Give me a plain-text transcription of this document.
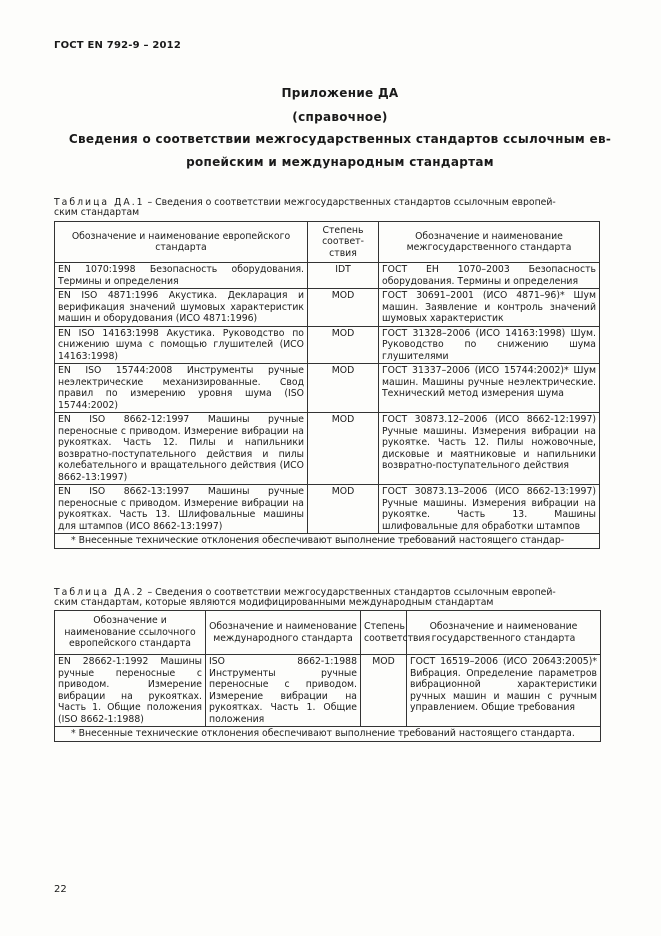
ГОСТ EN 792-9 – 2012
Приложение ДА
(справочное)
Сведения о соответствии межгосударственных стандартов ссылочным ев-
ропейским и международным стандартам
Таблица ДА.1 – Сведения о соответствии межгосударственных стандартов ссылочным европей-
ским стандартам
Обозначение и наименование европейского стандарта	Степень соответ-ствия	Обозначение и наименование межгосударственного стандарта
EN 1070:1998 Безопасность оборудования. Термины и определения	IDT	ГОСТ ЕН 1070–2003 Безопасность оборудования. Термины и определения
EN ISO 4871:1996 Акустика. Декларация и верификация значений шумовых характеристик машин и оборудования (ИСО 4871:1996)	MOD	ГОСТ 30691–2001 (ИСО 4871–96)* Шум машин. Заявление и контроль значений шумовых характеристик
EN ISO 14163:1998 Акустика. Руководство по снижению шума с помощью глушителей (ИСО 14163:1998)	MOD	ГОСТ 31328–2006 (ИСО 14163:1998) Шум. Руководство по снижению шума глушителями
EN ISO 15744:2008 Инструменты ручные неэлектрические механизированные. Свод правил по измерению уровня шума (ISO 15744:2002)	MOD	ГОСТ 31337–2006 (ИСО 15744:2002)* Шум машин. Машины ручные неэлектрические. Технический метод измерения шума
EN ISO 8662-12:1997 Машины ручные переносные с приводом. Измерение вибрации на рукоятках. Часть 12. Пилы и напильники возвратно-поступательного действия и пилы колебательного и вращательного действия (ИСО 8662-13:1997)	MOD	ГОСТ 30873.12–2006 (ИСО 8662-12:1997) Ручные машины. Измерения вибрации на рукоятке. Часть 12. Пилы ножовочные, дисковые и маятниковые и напильники возвратно-поступательного действия
EN ISO 8662-13:1997 Машины ручные переносные с приводом. Измерение вибрации на рукоятках. Часть 13. Шлифовальные машины для штампов (ИСО 8662-13:1997)	MOD	ГОСТ 30873.13–2006 (ИСО 8662-13:1997) Ручные машины. Измерения вибрации на рукоятке. Часть 13. Машины шлифовальные для обработки штампов
* Внесенные технические отклонения обеспечивают выполнение требований настоящего стандар-		
Таблица ДА.2 – Сведения о соответствии межгосударственных стандартов ссылочным европей-
ским стандартам, которые являются модифицированными международным стандартам
Обозначение и наименование ссылочного европейского стандарта	Обозначение и наименование международного стандарта	Степень соответствия	Обозначение и наименование государственного стандарта
EN 28662-1:1992 Машины ручные переносные с приводом. Измерение вибрации на рукоятках. Часть 1. Общие положения (ISO 8662-1:1988)	ISO 8662-1:1988 Инструменты ручные переносные с приводом. Измерение вибрации на рукоятках. Часть 1. Общие положения	MOD	ГОСТ 16519–2006 (ИСО 20643:2005)* Вибрация. Определение параметров вибрационной характеристики ручных машин и машин с ручным управлением. Общие требования
* Внесенные технические отклонения обеспечивают выполнение требований настоящего стандарта.			
22
